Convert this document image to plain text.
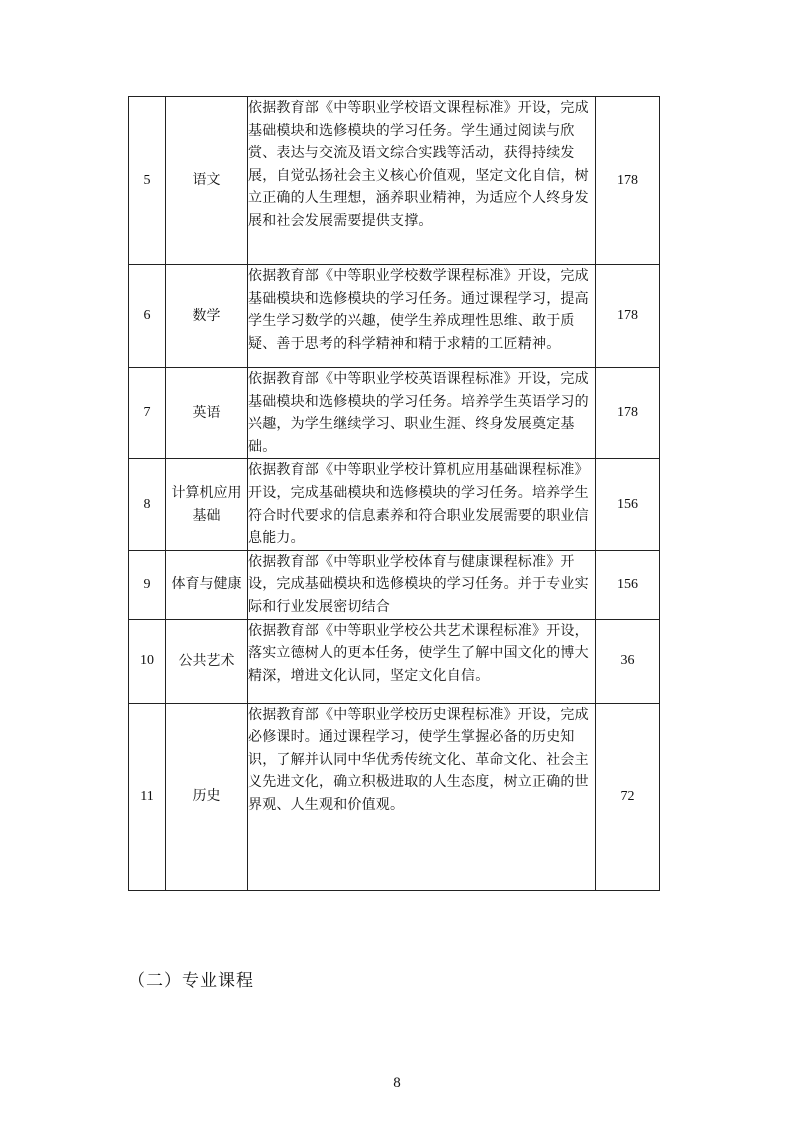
5	语文	依据教育部《中等职业学校语文课程标准》开设，完成基础模块和选修模块的学习任务。学生通过阅读与欣赏、表达与交流及语文综合实践等活动，获得持续发展，自觉弘扬社会主义核心价值观，坚定文化自信，树立正确的人生理想，涵养职业精神，为适应个人终身发展和社会发展需要提供支撑。	178
6	数学	依据教育部《中等职业学校数学课程标准》开设，完成基础模块和选修模块的学习任务。通过课程学习，提高学生学习数学的兴趣，使学生养成理性思维、敢于质疑、善于思考的科学精神和精于求精的工匠精神。	178
7	英语	依据教育部《中等职业学校英语课程标准》开设，完成基础模块和选修模块的学习任务。培养学生英语学习的兴趣，为学生继续学习、职业生涯、终身发展奠定基础。	178
8	计算机应用基础	依据教育部《中等职业学校计算机应用基础课程标准》开设，完成基础模块和选修模块的学习任务。培养学生符合时代要求的信息素养和符合职业发展需要的职业信息能力。	156
9	体育与健康	依据教育部《中等职业学校体育与健康课程标准》开设，完成基础模块和选修模块的学习任务。并于专业实际和行业发展密切结合	156
10	公共艺术	依据教育部《中等职业学校公共艺术课程标准》开设，落实立德树人的更本任务，使学生了解中国文化的博大精深，增进文化认同，坚定文化自信。	36
11	历史	依据教育部《中等职业学校历史课程标准》开设，完成必修课时。通过课程学习，使学生掌握必备的历史知识，了解并认同中华优秀传统文化、革命文化、社会主义先进文化，确立积极进取的人生态度，树立正确的世界观、人生观和价值观。	72
（二）专业课程
8
